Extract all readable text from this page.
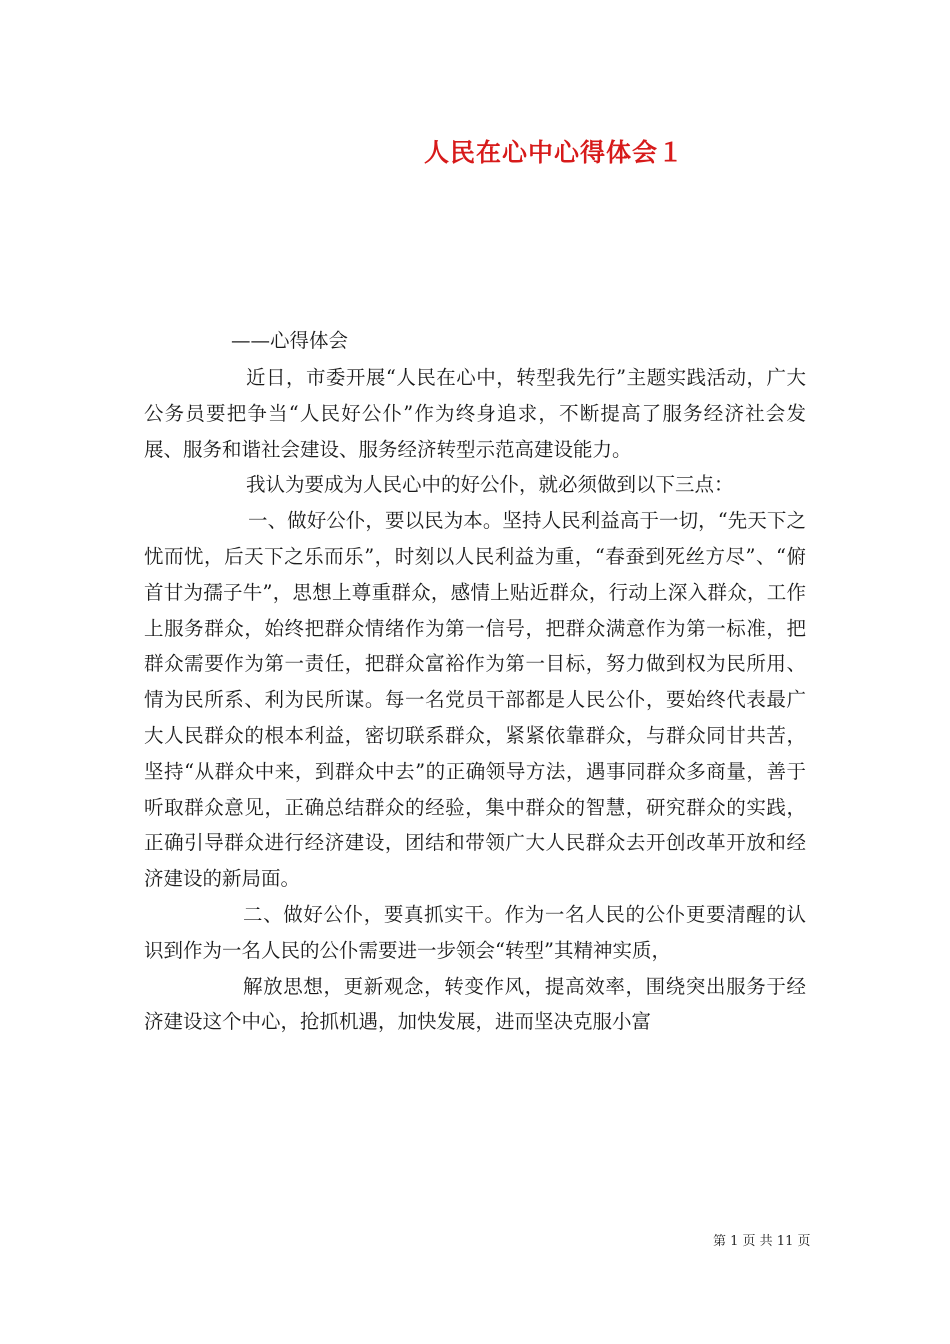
人民在心中心得体会１
——心得体会

近日，市委开展“人民在心中，转型我先行”主题实践活动，广大公务员要把争当“人民好公仆”作为终身追求，不断提高了服务经济社会发展、服务和谐社会建设、服务经济转型示范高建设能力。

我认为要成为人民心中的好公仆，就必须做到以下三点：

一、做好公仆，要以民为本。坚持人民利益高于一切，“先天下之忧而忧，后天下之乐而乐”，时刻以人民利益为重，“春蚕到死丝方尽”、“俯首甘为孺子牛”，思想上尊重群众，感情上贴近群众，行动上深入群众，工作上服务群众，始终把群众情绪作为第一信号，把群众满意作为第一标准，把群众需要作为第一责任，把群众富裕作为第一目标，努力做到权为民所用、情为民所系、利为民所谋。每一名党员干部都是人民公仆，要始终代表最广大人民群众的根本利益，密切联系群众，紧紧依靠群众，与群众同甘共苦，坚持“从群众中来，到群众中去”的正确领导方法，遇事同群众多商量，善于听取群众意见，正确总结群众的经验，集中群众的智慧，研究群众的实践，正确引导群众进行经济建设，团结和带领广大人民群众去开创改革开放和经济建设的新局面。

二、做好公仆，要真抓实干。作为一名人民的公仆更要清醒的认识到作为一名人民的公仆需要进一步领会“转型”其精神实质，

解放思想，更新观念，转变作风，提高效率，围绕突出服务于经济建设这个中心，抢抓机遇，加快发展，进而坚决克服小富

第 1 页 共 11 页
